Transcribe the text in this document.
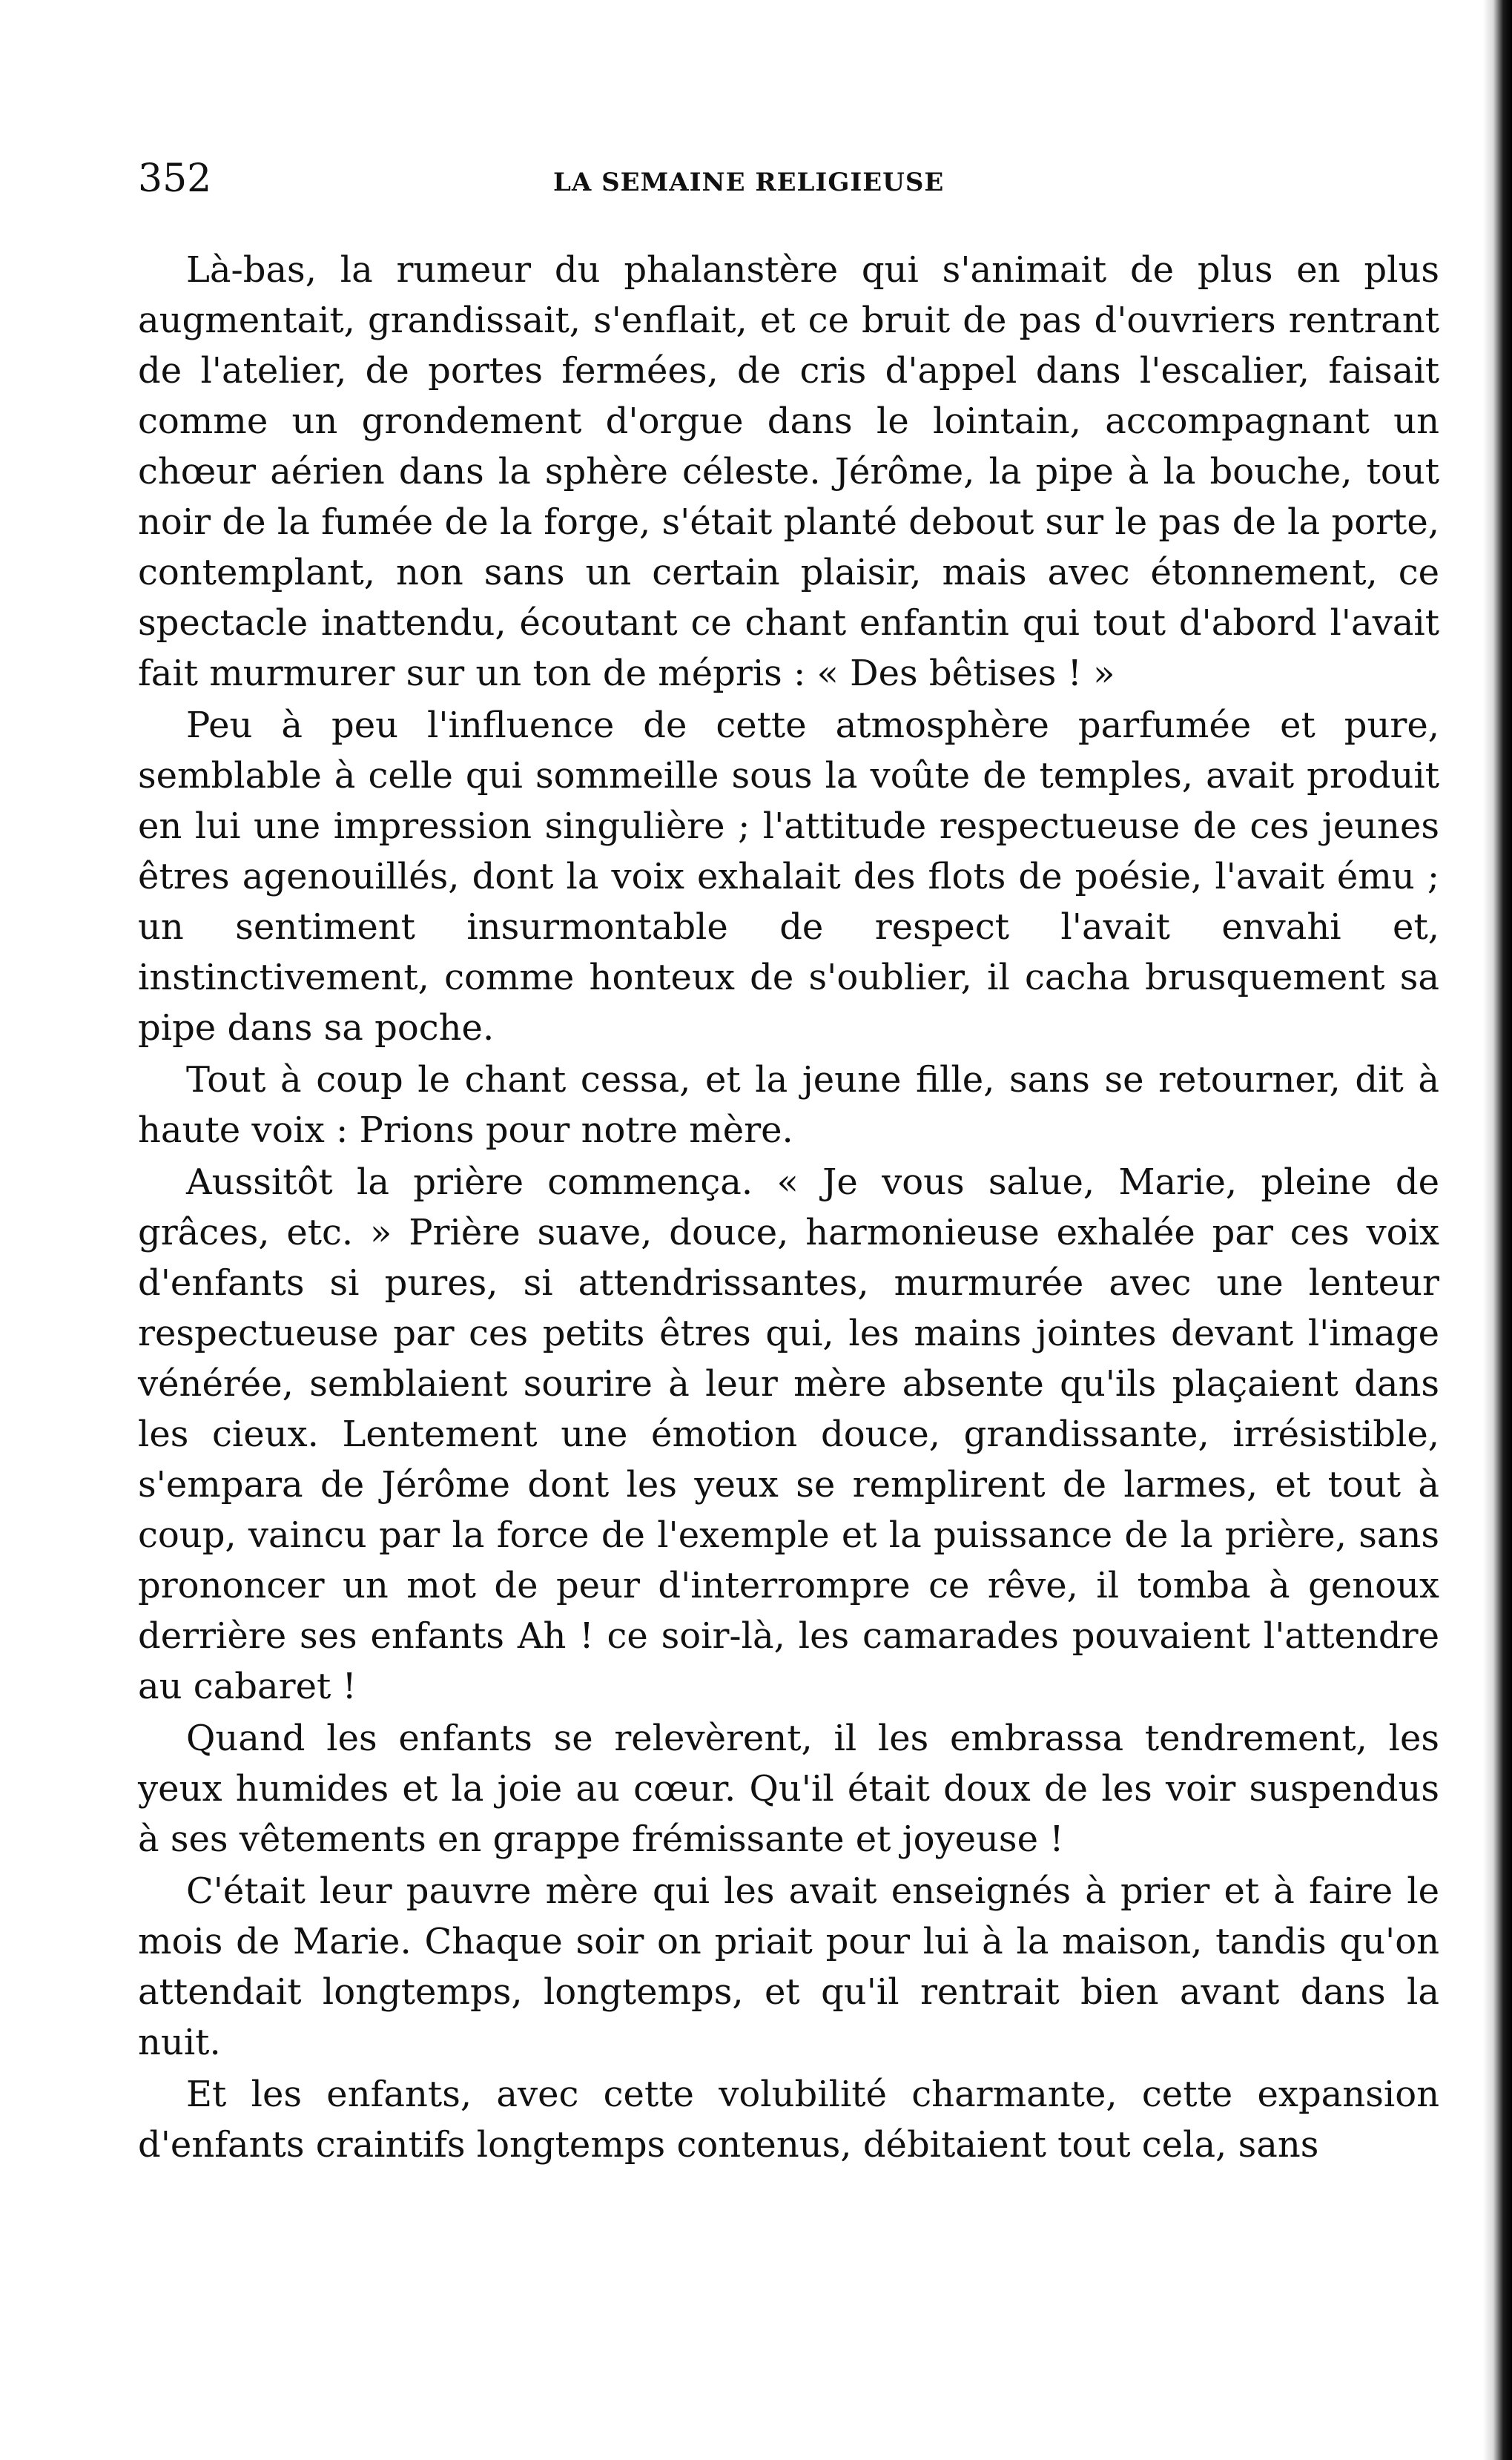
352	LA SEMAINE RELIGIEUSE

Là-bas, la rumeur du phalanstère qui s'animait de plus en plus augmentait, grandissait, s'enflait, et ce bruit de pas d'ouvriers rentrant de l'atelier, de portes fermées, de cris d'appel dans l'escalier, faisait comme un grondement d'orgue dans le lointain, accompagnant un chœur aérien dans la sphère céleste. Jérôme, la pipe à la bouche, tout noir de la fumée de la forge, s'était planté debout sur le pas de la porte, contemplant, non sans un certain plaisir, mais avec étonnement, ce spectacle inattendu, écoutant ce chant enfantin qui tout d'abord l'avait fait murmurer sur un ton de mépris : « Des bêtises ! »

Peu à peu l'influence de cette atmosphère parfumée et pure, semblable à celle qui sommeille sous la voûte de temples, avait produit en lui une impression singulière ; l'attitude respectueuse de ces jeunes êtres agenouillés, dont la voix exhalait des flots de poésie, l'avait ému ; un sentiment insurmontable de respect l'avait envahi et, instinctivement, comme honteux de s'oublier, il cacha brusquement sa pipe dans sa poche.

Tout à coup le chant cessa, et la jeune fille, sans se retourner, dit à haute voix : Prions pour notre mère.

Aussitôt la prière commença. « Je vous salue, Marie, pleine de grâces, etc. » Prière suave, douce, harmonieuse exhalée par ces voix d'enfants si pures, si attendrissantes, murmurée avec une lenteur respectueuse par ces petits êtres qui, les mains jointes devant l'image vénérée, semblaient sourire à leur mère absente qu'ils plaçaient dans les cieux. Lentement une émotion douce, grandissante, irrésistible, s'empara de Jérôme dont les yeux se remplirent de larmes, et tout à coup, vaincu par la force de l'exemple et la puissance de la prière, sans prononcer un mot de peur d'interrompre ce rêve, il tomba à genoux derrière ses enfants Ah ! ce soir-là, les camarades pouvaient l'attendre au cabaret !

Quand les enfants se relevèrent, il les embrassa tendrement, les yeux humides et la joie au cœur. Qu'il était doux de les voir suspendus à ses vêtements en grappe frémissante et joyeuse !

C'était leur pauvre mère qui les avait enseignés à prier et à faire le mois de Marie. Chaque soir on priait pour lui à la maison, tandis qu'on attendait longtemps, longtemps, et qu'il rentrait bien avant dans la nuit.

Et les enfants, avec cette volubilité charmante, cette expansion d'enfants craintifs longtemps contenus, débitaient tout cela, sans
